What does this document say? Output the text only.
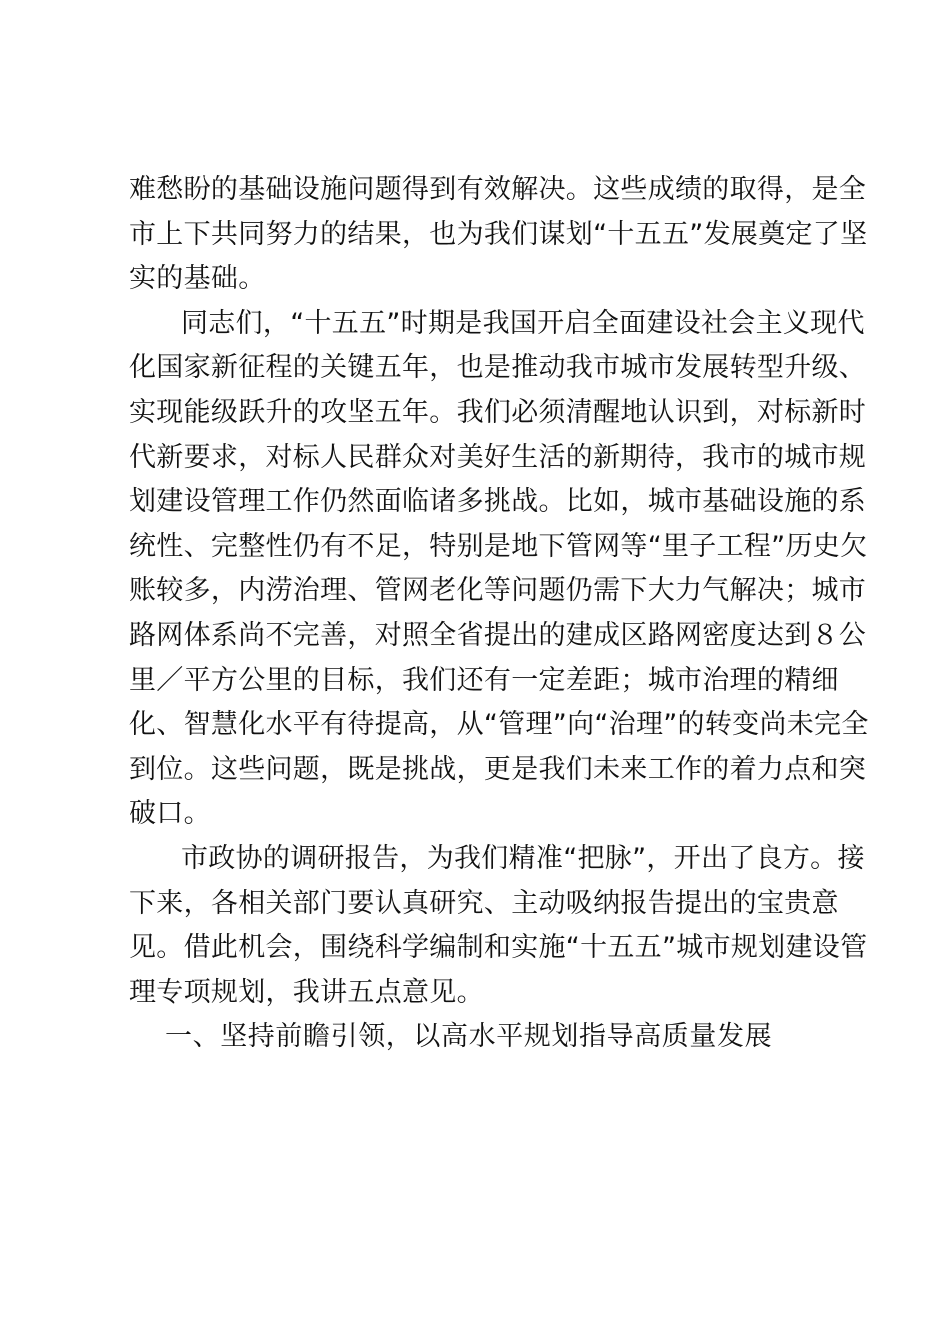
难愁盼的基础设施问题得到有效解决。这些成绩的取得，是全
市上下共同努力的结果，也为我们谋划“十五五”发展奠定了坚
实的基础。
同志们，“十五五”时期是我国开启全面建设社会主义现代
化国家新征程的关键五年，也是推动我市城市发展转型升级、
实现能级跃升的攻坚五年。我们必须清醒地认识到，对标新时
代新要求，对标人民群众对美好生活的新期待，我市的城市规
划建设管理工作仍然面临诸多挑战。比如，城市基础设施的系
统性、完整性仍有不足，特别是地下管网等“里子工程”历史欠
账较多，内涝治理、管网老化等问题仍需下大力气解决；城市
路网体系尚不完善，对照全省提出的建成区路网密度达到８公
里／平方公里的目标，我们还有一定差距；城市治理的精细
化、智慧化水平有待提高，从“管理”向“治理”的转变尚未完全
到位。这些问题，既是挑战，更是我们未来工作的着力点和突
破口。
市政协的调研报告，为我们精准“把脉”，开出了良方。接
下来，各相关部门要认真研究、主动吸纳报告提出的宝贵意
见。借此机会，围绕科学编制和实施“十五五”城市规划建设管
理专项规划，我讲五点意见。
一、坚持前瞻引领，以高水平规划指导高质量发展
